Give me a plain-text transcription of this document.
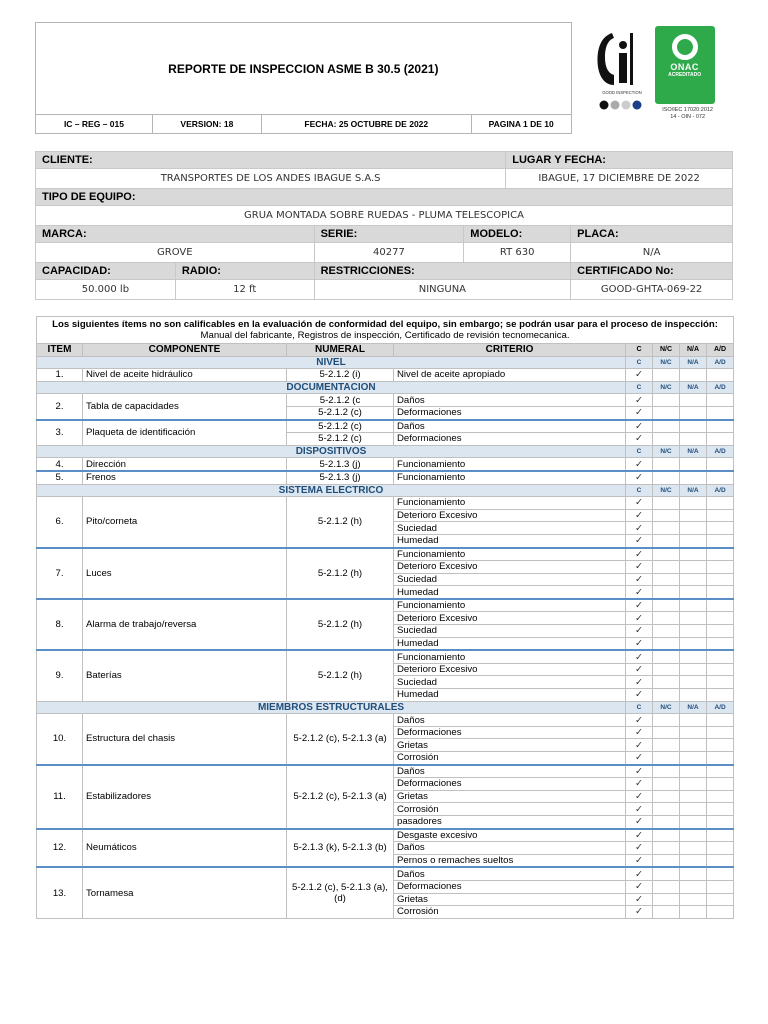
REPORTE DE INSPECCION ASME B 30.5 (2021)				GOOD INSPECTION
ONAC
ACREDITADO
ISO/IEC 17020:2012
14 - OIN - 072

IC – REG – 015	VERSION: 18	FECHA: 25 OCTUBRE DE 2022	PAGINA 1 DE 10	
CLIENTE:				LUGAR Y FECHA:	
TRANSPORTES DE LOS ANDES IBAGUE S.A.S				IBAGUE, 17 DICIEMBRE DE 2022	
TIPO DE EQUIPO:					
GRUA MONTADA SOBRE RUEDAS - PLUMA TELESCOPICA					
MARCA:		SERIE:	MODELO:		PLACA:
GROVE		40277	RT 630		N/A
CAPACIDAD:	RADIO:	RESTRICCIONES:			CERTIFICADO No:
50.000 lb	12 ft	NINGUNA			GOOD-GHTA-069-22
Los siguientes ítems no son calificables en la evaluación de conformidad del equipo, sin embargo; se podrán usar para el proceso de inspección: Manual del fabricante, Registros de inspección, Certificado de revisión tecnomecanica.							
ITEM	COMPONENTE	NUMERAL	CRITERIO	C	N/C	N/A	A/D
NIVEL				C	N/C	N/A	A/D
1.	Nivel de aceite hidráulico	5-2.1.2 (i)	Nivel de aceite apropiado	✓			
DOCUMENTACION				C	N/C	N/A	A/D
2.	Tabla de capacidades	5-2.1.2 (c	Daños	✓			
		5-2.1.2 (c)	Deformaciones	✓			
3.	Plaqueta de identificación	5-2.1.2 (c)	Daños	✓			
		5-2.1.2 (c)	Deformaciones	✓			
DISPOSITIVOS				C	N/C	N/A	A/D
4.	Dirección	5-2.1.3 (j)	Funcionamiento	✓			
5.	Frenos	5-2.1.3 (j)	Funcionamiento	✓			
SISTEMA ELECTRICO				C	N/C	N/A	A/D
6.	Pito/corneta	5-2.1.2 (h)	Funcionamiento	✓			
			Deterioro Excesivo	✓			
			Suciedad	✓			
			Humedad	✓			
7.	Luces	5-2.1.2 (h)	Funcionamiento	✓			
			Deterioro Excesivo	✓			
			Suciedad	✓			
			Humedad	✓			
8.	Alarma de trabajo/reversa	5-2.1.2 (h)	Funcionamiento	✓			
			Deterioro Excesivo	✓			
			Suciedad	✓			
			Humedad	✓			
9.	Baterías	5-2.1.2 (h)	Funcionamiento	✓			
			Deterioro Excesivo	✓			
			Suciedad	✓			
			Humedad	✓			
MIEMBROS ESTRUCTURALES				C	N/C	N/A	A/D
10.	Estructura del chasis	5-2.1.2 (c), 5-2.1.3 (a)	Daños	✓			
			Deformaciones	✓			
			Grietas	✓			
			Corrosión	✓			
11.	Estabilizadores	5-2.1.2 (c), 5-2.1.3 (a)	Daños	✓			
			Deformaciones	✓			
			Grietas	✓			
			Corrosión	✓			
			pasadores	✓			
12.	Neumáticos	5-2.1.3 (k), 5-2.1.3 (b)	Desgaste excesivo	✓			
			Daños	✓			
			Pernos o remaches sueltos	✓			
13.	Tornamesa	5-2.1.2 (c), 5-2.1.3 (a), (d)	Daños	✓			
			Deformaciones	✓			
			Grietas	✓			
			Corrosión	✓			
